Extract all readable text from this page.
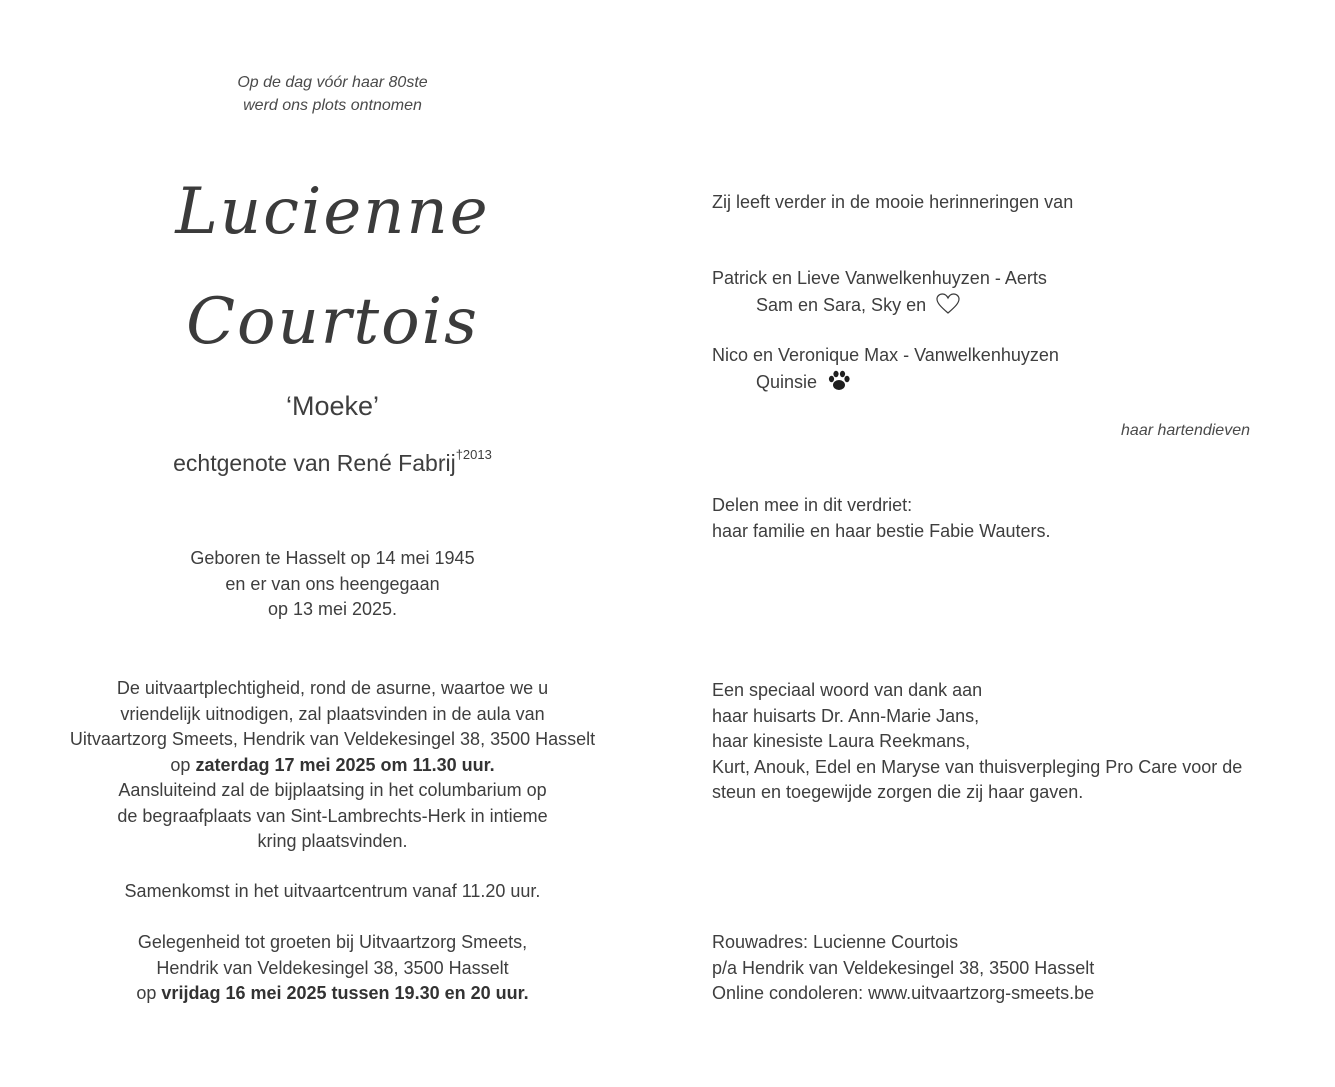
Op de dag vóór haar 80ste
werd ons plots ontnomen
Lucienne
Courtois
‘Moeke’
echtgenote van René Fabrij$^{\dagger 2013}$
Geboren te Hasselt op 14 mei 1945
en er van ons heengegaan
op 13 mei 2025.
De uitvaartplechtigheid, rond de asurne, waartoe we u
vriendelijk uitnodigen, zal plaatsvinden in de aula van
Uitvaartzorg Smeets, Hendrik van Veldekesingel 38, 3500 Hasselt
op zaterdag 17 mei 2025 om 11.30 uur.
Aansluiteind zal de bijplaatsing in het columbarium op
de begraafplaats van Sint-Lambrechts-Herk in intieme
kring plaatsvinden.
Samenkomst in het uitvaartcentrum vanaf 11.20 uur.
Gelegenheid tot groeten bij Uitvaartzorg Smeets,
Hendrik van Veldekesingel 38, 3500 Hasselt
op vrijdag 16 mei 2025 tussen 19.30 en 20 uur.
Zij leeft verder in de mooie herinneringen van
Patrick en Lieve Vanwelkenhuyzen - Aerts
Sam en Sara, Sky en
Nico en Veronique Max - Vanwelkenhuyzen
Quinsie
haar hartendieven
Delen mee in dit verdriet:
haar familie en haar bestie Fabie Wauters.
Een speciaal woord van dank aan
haar huisarts Dr. Ann-Marie Jans,
haar kinesiste Laura Reekmans,
Kurt, Anouk, Edel en Maryse van thuisverpleging Pro Care voor de
steun en toegewijde zorgen die zij haar gaven.
Rouwadres: Lucienne Courtois
p/a Hendrik van Veldekesingel 38, 3500 Hasselt
Online condoleren: www.uitvaartzorg-smeets.be
